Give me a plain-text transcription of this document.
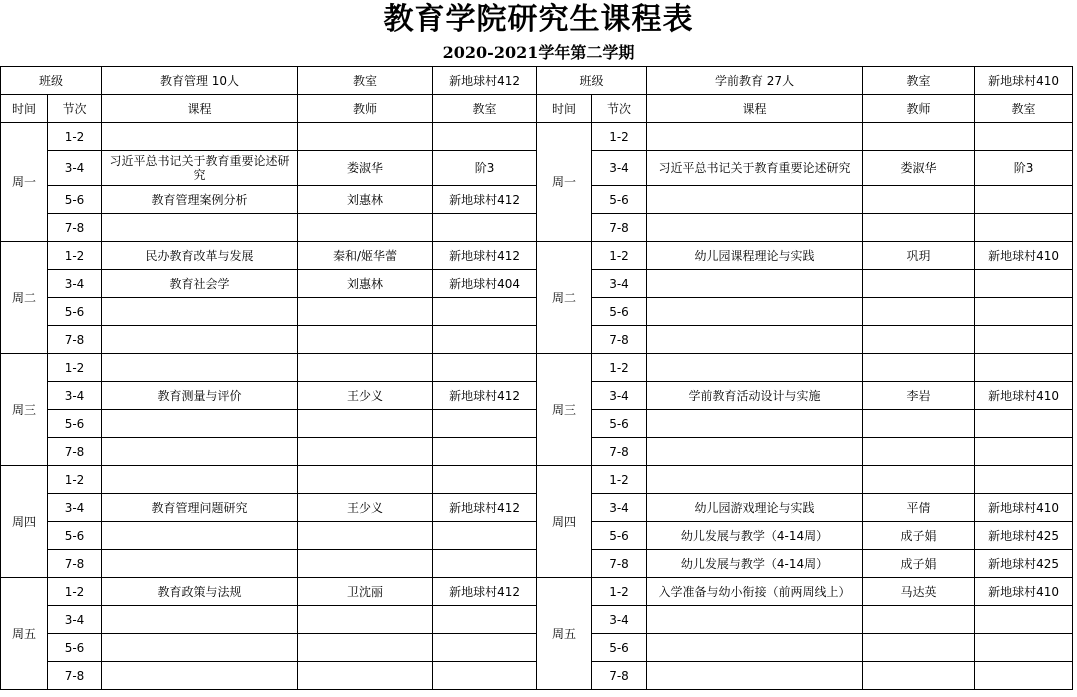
教育学院研究生课程表
2020-2021学年第二学期
班级		教育管理 10人	教室	新地球村412	班级		学前教育 27人	教室	新地球村410
时间	节次	课程	教师	教室	时间	节次	课程	教师	教室
周一	1-2				周一	1-2			
	3-4	习近平总书记关于教育重要论述研究	娄淑华	阶3		3-4	习近平总书记关于教育重要论述研究	娄淑华	阶3
	5-6	教育管理案例分析	刘惠林	新地球村412		5-6			
	7-8					7-8			
周二	1-2	民办教育改革与发展	秦和/姬华蕾	新地球村412	周二	1-2	幼儿园课程理论与实践	巩玥	新地球村410
	3-4	教育社会学	刘惠林	新地球村404		3-4			
	5-6					5-6			
	7-8					7-8			
周三	1-2				周三	1-2			
	3-4	教育测量与评价	王少义	新地球村412		3-4	学前教育活动设计与实施	李岩	新地球村410
	5-6					5-6			
	7-8					7-8			
周四	1-2				周四	1-2			
	3-4	教育管理问题研究	王少义	新地球村412		3-4	幼儿园游戏理论与实践	平倩	新地球村410
	5-6					5-6	幼儿发展与教学（4-14周）	成子娟	新地球村425
	7-8					7-8	幼儿发展与教学（4-14周）	成子娟	新地球村425
周五	1-2	教育政策与法规	卫沈丽	新地球村412	周五	1-2	入学准备与幼小衔接（前两周线上）	马达英	新地球村410
	3-4					3-4			
	5-6					5-6			
	7-8					7-8			
